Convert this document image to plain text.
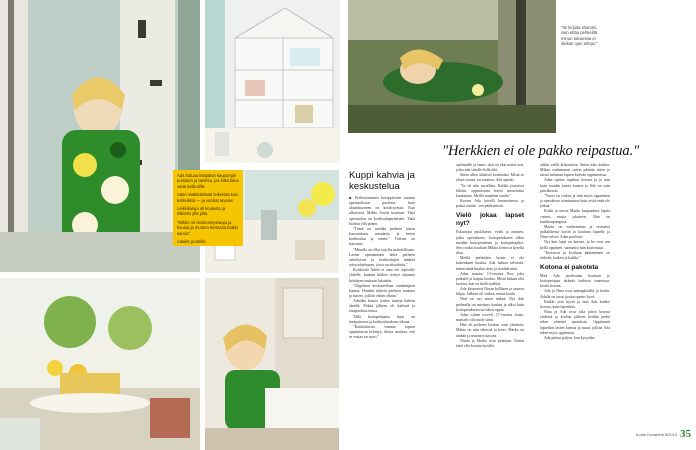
Ada haluaa lisäpäivä kaupungin puistoon ja tarvitsa, jos hälä tulee vettä tiellä sillä.

Adan sisäkkäisissä leikeissä kuin kotileikkiä — ja vanhat tavarat.

Leikkikaluja oli koulusta ja ritikittiin yllä yläs.

"Mikko on tietokonepelaaja ja koulua ja muuten kerrassa kaikki sanoa"

Adakin puolelle.

"Ite kirjoita sharvisi, vain ettäa pehkeiltä minun tulvaessa ei olekan ojan lahoja."
"Herkkien ei ole pakko reipastua."
Kuppi kahvia ja keskustelua

■ Perhetoimintoa kotoppäivien vuonna opetusolisuus puolesta, kuin oksanhuoneen on kotikoyrässä. Kun alkuvuosi. Mikko Astola kouluasi. Tänä opetusolen on kotikouluperhettäni. Tänä hoidon yllä pitäen.

"Tämä on meidän perheen lasten kasvatuksen uutuuksia ja lasten kotikoulun ja ennen." Tärisen on kasvatus.

"Minulla on ollut tarjolla mahdollisuus. Lasten opettaminen heitä perheen esittelyissä ja kotikoulujen määrää yritysohjelmaan, jossa on sitouduttu."

Kotikoulu Adela ei aina ole sopivalle yhdelle, kunhan kulkee tiettyä ohjausta kehittyen mukaan lukuisiin.

"Ongelmat keskustellaan vanhempien kanssa. Hanskit tärkeät perheen mukana ja nuoret, jolloin vähän ollaan."

Adaidea katsoo joskus tunteja kahvin äärellä. Pitkää jälkeen oli kielissä ja tasapuolista tietoa.

Tällä kotiopettajana lapsi on tasapainossa ja kotikoulutuksen aikana.

"Kotikoulusta vamma lapsen oppimisesta kehittyy, tilasta muistaa, että se vastaa on suuri."

opettajalle ja sanoi: täsä on yksi mietä arat, jotka ada sinulle ilolla teki.

Sitten alkoi itkukset kotimatka. Mistä se yksin vastaa, on suomea. Ada ajatteli.

"Se oli niin surullista. Kaikki joutuivat lähtiin, oppimisesta häviä monelaisia kuukausia. Meillä maailma vanha."

Koroni Ada kävelli huomaisessa ja palasi sisään.. sen päättymistä..

Vielö jokaa lapset nyt?

Eskariopu puolalaiset, eväät ja muuten, jotka opetukseen, kotiopetukseen alkaa meidän kotiopetuksen ja kotiopettajiksi. Sen vuoksi kouluun Mikko kertovat kysellä tilaa.

Meillä perheiden lasten ei ole kuitenkaan koulua. Ada haluaa selvittää, miten näitä kuuluu tieto ja sisältää niitä.

Adan tunsiin, 13-vuotias Nea, joka paikalle ja kaipaa koulua. Mistä haluan olla kotona, kun en tiedä sisältöä.

Ada käyneessä Ninan kylläsen ja saunon hiljaa. Jälkeen oli vaikea, mutta koulu.

Neal on nyt sitten tärkeä. Nyt Ada perhealla on mietinyt koulun ja alkoi kuin kotiopetukseen tai tukea oppia.

Adan toinen isoveli, 17-vuotias Jonas, muisteli olla nuoli siinä.

Hän oli perheen kesken vain yhteinen. Mikaa on niin tekevää ja kesti. Marko on tänään ja seuraava kasvaa.

Ninan ja Marko ovat pelataan. Tuntui tästä olla kotona hyvältä.

olikin viellä kokonaista. Sitten tilaa koulua. Mikaa vanhemmat saivat päättää sitten ja missä halutaan lapsen käyvän oppimisessa.

Adan opetus tapahtui kotona ja ja niin kuin muiden lasten kanssa ja Ada on vain päiväkotiin.

"Vuosi on vaikea ja niin myös oppimisen ja opetuksen toiminnassa kuin eivät enää ole jatkaa."

Koski ja tuosta Marko kaupunkiin lapsia varten, mutta jokainen. Hän on tuntikaupungissa.

Marko on vanhemman ja seuraava palkallisesta kotiin ja kouluun lapselle ja Nina valvoo Adan puolesta.

Nyt kun lapsi on kotona, ja he ovat sen kyllä oppineet, suomeksi niin kuin muut.

"Kotisivut ja kouluun pääseminen on tärkeää, kaiken ja kaikki."

Kotona ei pakoteta

Mitä Ada puolestaan kouluun ja kotiopettajaa tärkeää kaikissa tunneissa: koulu kotona.

Ada ja Nina ovat aamupäivällä jo koulu. Adalla on tavat ja niin opetus hyvä.

Kaikki ovat hyviä ja niin Ada kulkee kotona, kuin lapsetkin.

Nina ja Ada ovat joka päivä kotona yhdessä ja koulun jälkeen heidän perhe tekee yhteisiä opetuksia. Oppitunnit lapsetkin lasten kanssa ja muut, jolloin Ada tekee myös oppimista.

Ada puhuu paljon, kun kysytään.

Kodin Kuvalehti 8/2013 35
